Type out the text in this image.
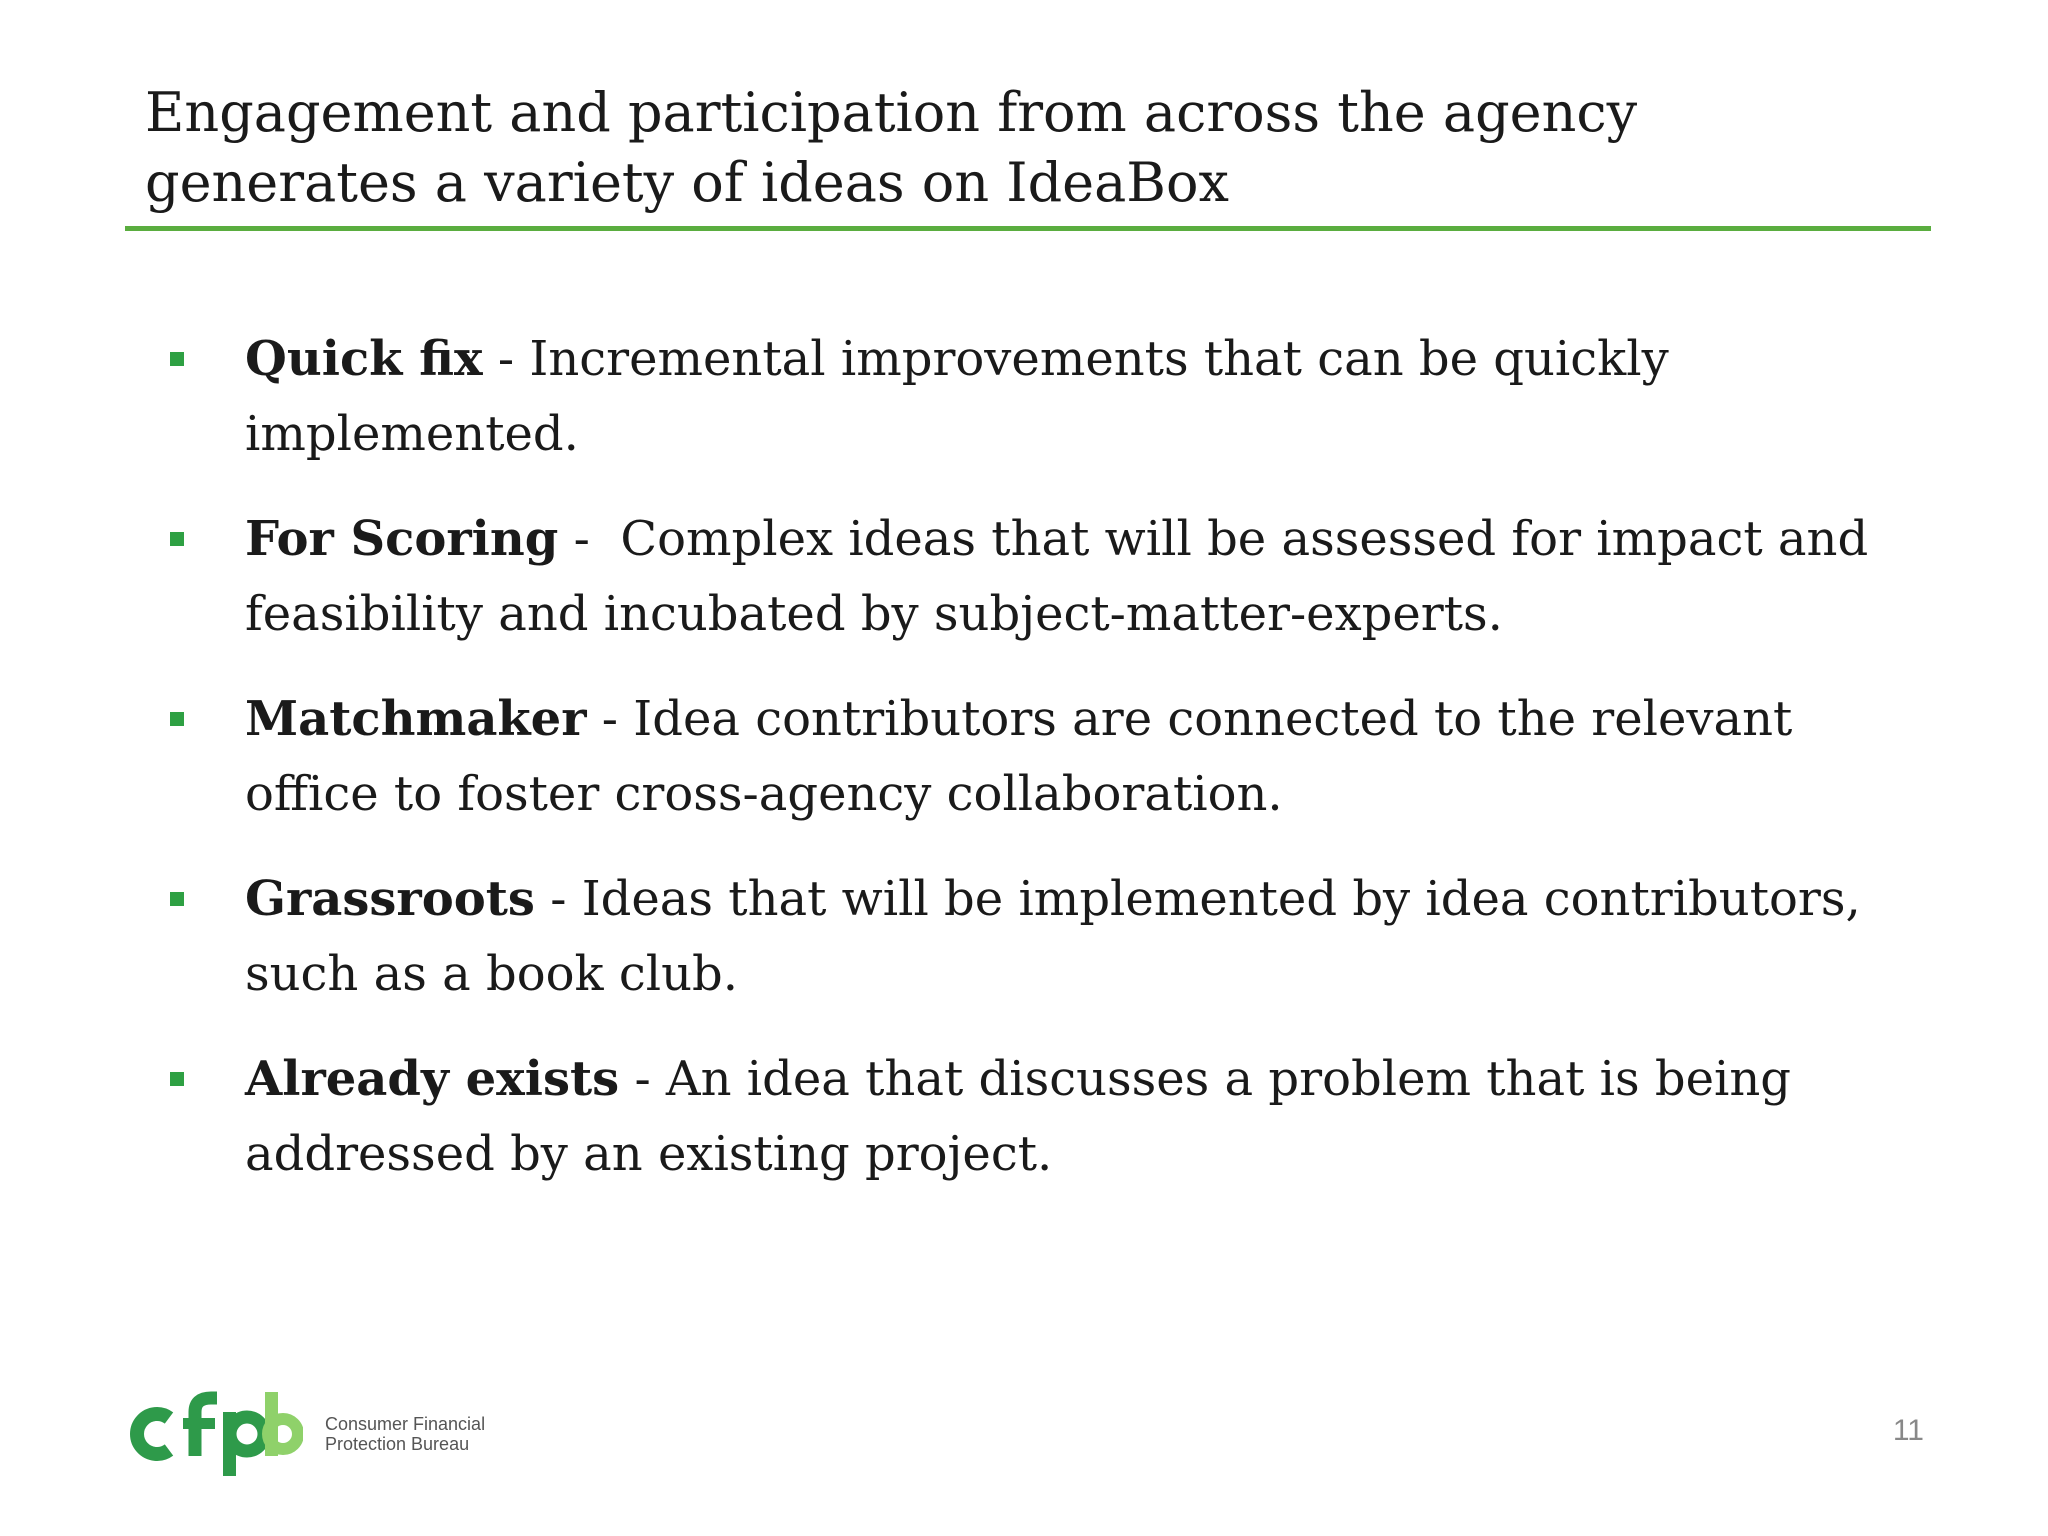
Engagement and participation from across the agency generates a variety of ideas on IdeaBox
Quick fix - Incremental improvements that can be quickly implemented.
For Scoring -  Complex ideas that will be assessed for impact and feasibility and incubated by subject-matter-experts.
Matchmaker - Idea contributors are connected to the relevant office to foster cross-agency collaboration.
Grassroots - Ideas that will be implemented by idea contributors, such as a book club.
Already exists - An idea that discusses a problem that is being addressed by an existing project.
Consumer Financial
Protection Bureau	11
